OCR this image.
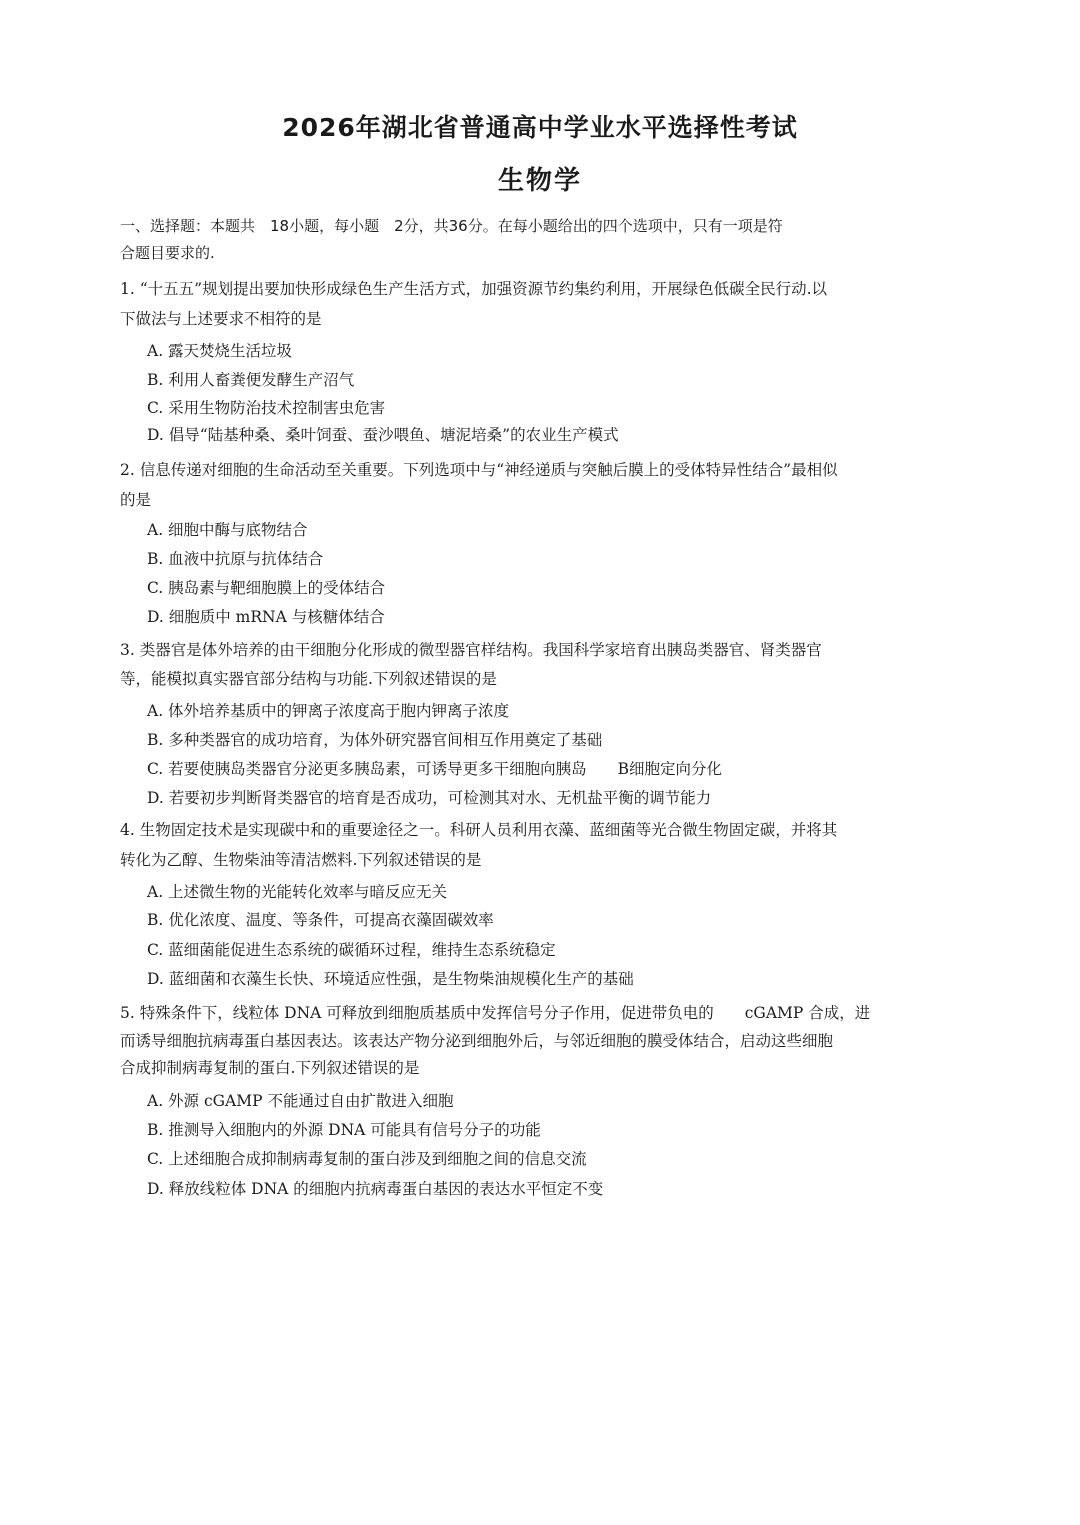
2026年湖北省普通高中学业水平选择性考试
生物学
一、选择题：本题共　18小题，每小题　2分，共36分。在每小题给出的四个选项中，只有一项是符
合题目要求的.
1. “十五五”规划提出要加快形成绿色生产生活方式，加强资源节约集约利用，开展绿色低碳全民行动.以
下做法与上述要求不相符的是
A. 露天焚烧生活垃圾
B. 利用人畜粪便发酵生产沼气
C. 采用生物防治技术控制害虫危害
D. 倡导“陆基种桑、桑叶饲蚕、蚕沙喂鱼、塘泥培桑”的农业生产模式
2. 信息传递对细胞的生命活动至关重要。下列选项中与“神经递质与突触后膜上的受体特异性结合”最相似
的是
A. 细胞中酶与底物结合
B. 血液中抗原与抗体结合
C. 胰岛素与靶细胞膜上的受体结合
D. 细胞质中 mRNA 与核糖体结合
3. 类器官是体外培养的由干细胞分化形成的微型器官样结构。我国科学家培育出胰岛类器官、肾类器官
等，能模拟真实器官部分结构与功能.下列叙述错误的是
A. 体外培养基质中的钾离子浓度高于胞内钾离子浓度
B. 多种类器官的成功培育，为体外研究器官间相互作用奠定了基础
C. 若要使胰岛类器官分泌更多胰岛素，可诱导更多干细胞向胰岛　　B细胞定向分化
D. 若要初步判断肾类器官的培育是否成功，可检测其对水、无机盐平衡的调节能力
4. 生物固定技术是实现碳中和的重要途径之一。科研人员利用衣藻、蓝细菌等光合微生物固定碳，并将其
转化为乙醇、生物柴油等清洁燃料.下列叙述错误的是
A. 上述微生物的光能转化效率与暗反应无关
B. 优化浓度、温度、等条件，可提高衣藻固碳效率
C. 蓝细菌能促进生态系统的碳循环过程，维持生态系统稳定
D. 蓝细菌和衣藻生长快、环境适应性强，是生物柴油规模化生产的基础
5. 特殊条件下，线粒体 DNA 可释放到细胞质基质中发挥信号分子作用，促进带负电的　　cGAMP 合成，进
而诱导细胞抗病毒蛋白基因表达。该表达产物分泌到细胞外后，与邻近细胞的膜受体结合，启动这些细胞
合成抑制病毒复制的蛋白.下列叙述错误的是
A. 外源 cGAMP 不能通过自由扩散进入细胞
B. 推测导入细胞内的外源 DNA 可能具有信号分子的功能
C. 上述细胞合成抑制病毒复制的蛋白涉及到细胞之间的信息交流
D. 释放线粒体 DNA 的细胞内抗病毒蛋白基因的表达水平恒定不变
